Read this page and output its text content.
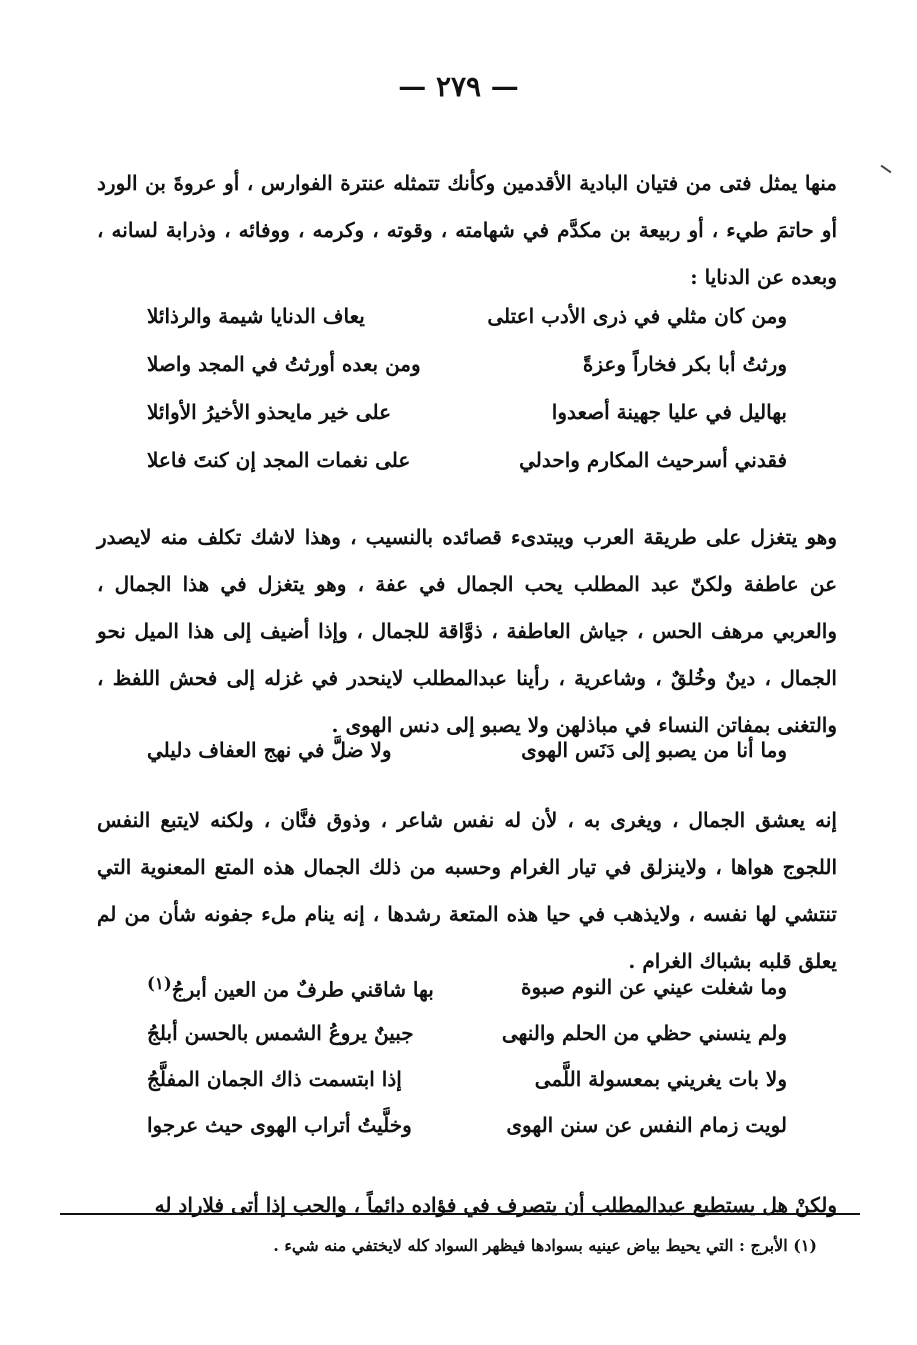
— ٢٧٩ —

منها يمثل فتى من فتيان البادية الأقدمين وكأنك تتمثله عنترة الفوارس ، أو عروةَ بن الورد أو حاتمَ طيء ، أو ربيعة بن مكدَّم في شهامته ، وقوته ، وكرمه ، ووفائه ، وذرابة لسانه ، وبعده عن الدنايا :

ومن كان مثلي في ذرى الأدب اعتلى
يعاف الدنايا شيمة والرذائلا
ورثتُ أبا بكر فخاراً وعزةً
ومن بعده أورثتُ في المجد واصلا
بهاليل في عليا جهينة أصعدوا
على خير مايحذو الأخيرُ الأوائلا
فقدني أسرحيث المكارم واحدلي
على نغمات المجد إن كنتَ فاعلا

وهو يتغزل على طريقة العرب ويبتدىء قصائده بالنسيب ، وهذا لاشك تكلف منه لايصدر عن عاطفة ولكنّ عبد المطلب يحب الجمال في عفة ، وهو يتغزل في هذا الجمال ، والعربي مرهف الحس ، جياش العاطفة ، ذوَّاقة للجمال ، وإذا أضيف إلى هذا الميل نحو الجمال ، دينٌ وخُلقٌ ، وشاعرية ، رأينا عبدالمطلب لاينحدر في غزله إلى فحش اللفظ ، والتغنى بمفاتن النساء في مباذلهن ولا يصبو إلى دنس الهوى .

وما أنا من يصبو إلى دَنَس الهوى
ولا ضلَّ في نهج العفاف دليلي

إنه يعشق الجمال ، ويغرى به ، لأن له نفس شاعر ، وذوق فنَّان ، ولكنه لايتبع النفس اللجوج هواها ، ولاينزلق في تيار الغرام وحسبه من ذلك الجمال هذه المتع المعنوية التي تنتشي لها نفسه ، ولايذهب في حيا هذه المتعة رشدها ، إنه ينام ملء جفونه شأن من لم يعلق قلبه بشباك الغرام .

وما شغلت عيني عن النوم صبوة
بها شاقني طرفٌ من العين أبرجُ$^{(١)}$
ولم ينسني حظي من الحلم والنهى
جبينٌ يروعُ الشمس بالحسن أبلجُ
ولا بات يغريني بمعسولة اللَّمى
إذا ابتسمت ذاك الجمان المفلَّجُ
لويت زمام النفس عن سنن الهوى
وخلَّيتُ أتراب الهوى حيث عرجوا

ولكنْ هل يستطيع عبدالمطلب أن يتصرف في فؤاده دائماً ، والحب إذا أتى فلاراد له

(١) الأبرج : التي يحيط بياض عينيه بسوادها فيظهر السواد كله لايختفي منه شيء .
